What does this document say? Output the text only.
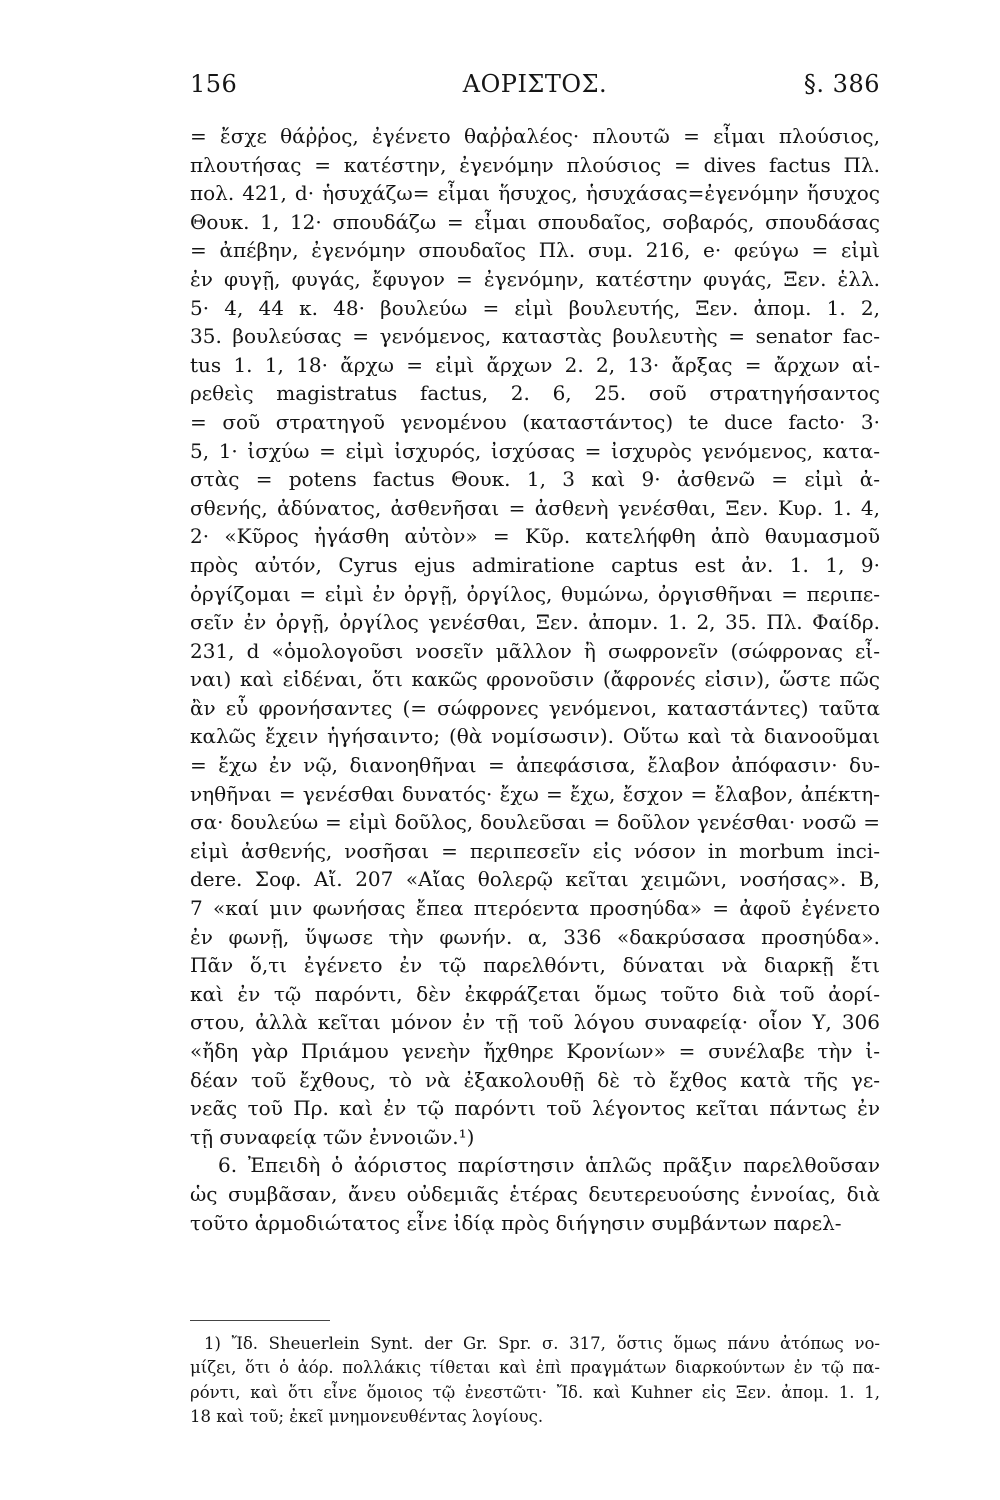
156	ΑΟΡΙΣΤΟΣ.	§. 386
= ἔσχε θάῤῥος, ἐγένετο θαῤῥαλέος· πλουτῶ = εἶμαι πλούσιος,
πλουτήσας = κατέστην, ἐγενόμην πλούσιος = dives factus Πλ.
πολ. 421, d· ἡσυχάζω= εἶμαι ἥσυχος, ἡσυχάσας=ἐγενόμην ἥσυχος
Θουκ. 1, 12· σπουδάζω = εἶμαι σπουδαῖος, σοβαρός, σπουδάσας
= ἀπέβην, ἐγενόμην σπουδαῖος Πλ. συμ. 216, e· φεύγω = εἰμὶ
ἐν φυγῇ, φυγάς, ἔφυγον = ἐγενόμην, κατέστην φυγάς, Ξεν. ἑλλ.
5· 4, 44 κ. 48· βουλεύω = εἰμὶ βουλευτής, Ξεν. ἀπομ. 1. 2,
35. βουλεύσας = γενόμενος, καταστὰς βουλευτὴς = senator fac-
tus 1. 1, 18· ἄρχω = εἰμὶ ἄρχων 2. 2, 13· ἄρξας = ἄρχων αἱ-
ρεθεὶς magistratus factus, 2. 6, 25. σοῦ στρατηγήσαντος
= σοῦ στρατηγοῦ γενομένου (καταστάντος) te duce facto· 3·
5, 1· ἰσχύω = εἰμὶ ἰσχυρός, ἰσχύσας = ἰσχυρὸς γενόμενος, κατα-
στὰς = potens factus Θουκ. 1, 3 καὶ 9· ἀσθενῶ = εἰμὶ ἀ-
σθενής, ἀδύνατος, ἀσθενῆσαι = ἀσθενὴ γενέσθαι, Ξεν. Κυρ. 1. 4,
2· «Κῦρος ἠγάσθη αὐτὸν» = Κῦρ. κατελήφθη ἀπὸ θαυμασμοῦ
πρὸς αὐτόν, Cyrus ejus admiratione captus est ἀν. 1. 1, 9·
ὀργίζομαι = εἰμὶ ἐν ὀργῇ, ὀργίλος, θυμώνω, ὀργισθῆναι = περιπε-
σεῖν ἐν ὀργῇ, ὀργίλος γενέσθαι, Ξεν. ἀπομν. 1. 2, 35. Πλ. Φαίδρ.
231, d «ὁμολογοῦσι νοσεῖν μᾶλλον ἢ σωφρονεῖν (σώφρονας εἶ-
ναι) καὶ εἰδέναι, ὅτι κακῶς φρονοῦσιν (ἄφρονές εἰσιν), ὥστε πῶς
ἂν εὖ φρονήσαντες (= σώφρονες γενόμενοι, καταστάντες) ταῦτα
καλῶς ἔχειν ἡγήσαιντο; (θὰ νομίσωσιν). Οὕτω καὶ τὰ διανοοῦμαι
= ἔχω ἐν νῷ, διανοηθῆναι = ἀπεφάσισα, ἔλαβον ἀπόφασιν· δυ-
νηθῆναι = γενέσθαι δυνατός· ἔχω = ἔχω, ἔσχον = ἔλαβον, ἀπέκτη-
σα· δουλεύω = εἰμὶ δοῦλος, δουλεῦσαι = δοῦλον γενέσθαι· νοσῶ =
εἰμὶ ἀσθενής, νοσῆσαι = περιπεσεῖν εἰς νόσον in morbum inci-
dere. Σοφ. Αἴ. 207 «Αἴας θολερῷ κεῖται χειμῶνι, νοσήσας». Β,
7 «καί μιν φωνήσας ἔπεα πτερόεντα προσηύδα» = ἀφοῦ ἐγένετο
ἐν φωνῇ, ὕψωσε τὴν φωνήν. α, 336 «δακρύσασα προσηύδα».
Πᾶν ὅ,τι ἐγένετο ἐν τῷ παρελθόντι, δύναται νὰ διαρκῇ ἔτι
καὶ ἐν τῷ παρόντι, δὲν ἐκφράζεται ὅμως τοῦτο διὰ τοῦ ἀορί-
στου, ἀλλὰ κεῖται μόνον ἐν τῇ τοῦ λόγου συναφείᾳ· οἷον Υ, 306
«ἤδη γὰρ Πριάμου γενεὴν ἤχθηρε Κρονίων» = συνέλαβε τὴν ἰ-
δέαν τοῦ ἔχθους, τὸ νὰ ἐξακολουθῇ δὲ τὸ ἔχθος κατὰ τῆς γε-
νεᾶς τοῦ Πρ. καὶ ἐν τῷ παρόντι τοῦ λέγοντος κεῖται πάντως ἐν
τῇ συναφείᾳ τῶν ἐννοιῶν.¹)
6. Ἐπειδὴ ὁ ἀόριστος παρίστησιν ἁπλῶς πρᾶξιν παρελθοῦσαν
ὡς συμβᾶσαν, ἄνευ οὐδεμιᾶς ἑτέρας δευτερευούσης ἐννοίας, διὰ
τοῦτο ἁρμοδιώτατος εἶνε ἰδίᾳ πρὸς διήγησιν συμβάντων παρελ-
1) Ἴδ. Sheuerlein Synt. der Gr. Spr. σ. 317, ὅστις ὅμως πάνυ ἀτόπως νο-
μίζει, ὅτι ὁ ἀόρ. πολλάκις τίθεται καὶ ἐπὶ πραγμάτων διαρκούντων ἐν τῷ πα-
ρόντι, καὶ ὅτι εἶνε ὅμοιος τῷ ἐνεστῶτι· Ἴδ. καὶ Kuhner εἰς Ξεν. ἀπομ. 1. 1,
18 καὶ τοῦ; ἐκεῖ μνημονευθέντας λογίους.
